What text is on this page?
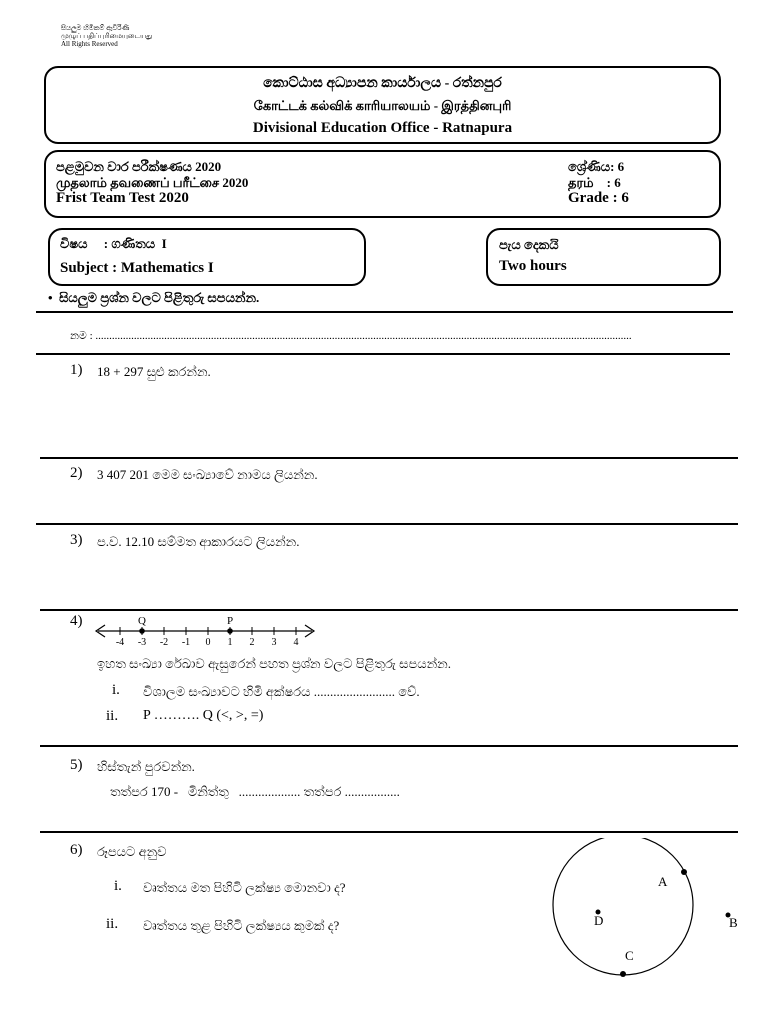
සියලුම හිමිකම් ඇවිරිණි
முழுப் பதிப்புரிமையுடையது
All Rights Reserved
කොට්ඨාස අධ්‍යාපන කාර්යාලය - රත්නපුර
கோட்டக் கல்விக் காரியாலயம் - இரத்தினபுரி
Divisional Education Office - Ratnapura
පළමුවන වාර පරීක්ෂණය 2020
முதலாம் தவணைப் பரீட்சை 2020
Frist Team Test 2020
ශ්‍රේණිය: 6
தரம்    : 6
Grade : 6
විෂය     : ගණිතය  I
Subject : Mathematics I
පැය දෙකයි
Two hours
•  සියලුම ප්‍රශ්න වලට පිළිතුරු සපයන්න.
නම : ...................................................................................................................................................................................................
1) 18 + 297 සුළු කරන්න.
2) 3 407 201 මෙම සංඛ්‍යාවේ නාමය ලියන්න.
3) ප.ව. 12.10 සම්මත ආකාරයට ලියන්න.
4)
-4 -3 -2 -1 0 1 2 3 4
Q	P
ඉහත සංඛ්‍යා රේඛාව ඇසුරෙන් පහත ප්‍රශ්න වලට පිළිතුරු සපයන්න.
i. විශාලම සංඛ්‍යාවට හිමි අක්ෂරය ......................... වේ.
ii. P ………. Q (<, >, =)
5) හිස්තැන් පුරවන්න.
තත්පර 170 -   මිනිත්තු   ................... තත්පර .................
6) රූපයට අනුව
i. වෘත්තය මත පිහිටි ලක්ෂ්‍ය මොනවා ද?
ii. වෘත්තය තුළ පිහිටි ලක්ෂ්‍යය කුමක් ද?
A
B
C
D
